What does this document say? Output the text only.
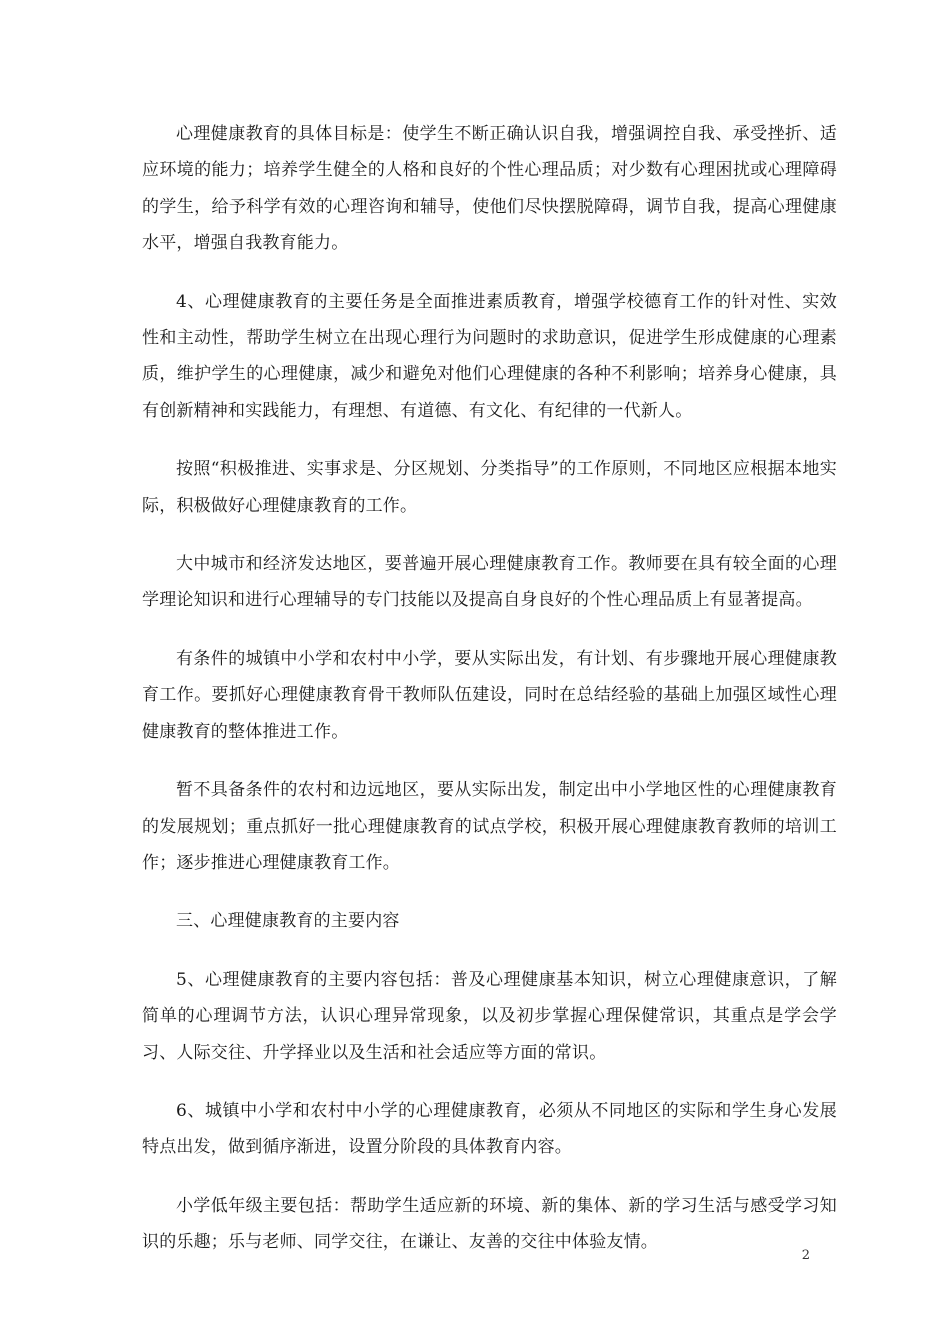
心理健康教育的具体目标是：使学生不断正确认识自我，增强调控自我、承受挫折、适应环境的能力；培养学生健全的人格和良好的个性心理品质；对少数有心理困扰或心理障碍的学生，给予科学有效的心理咨询和辅导，使他们尽快摆脱障碍，调节自我，提高心理健康水平，增强自我教育能力。

4、心理健康教育的主要任务是全面推进素质教育，增强学校德育工作的针对性、实效性和主动性，帮助学生树立在出现心理行为问题时的求助意识，促进学生形成健康的心理素质，维护学生的心理健康，减少和避免对他们心理健康的各种不利影响；培养身心健康，具有创新精神和实践能力，有理想、有道德、有文化、有纪律的一代新人。

按照“积极推进、实事求是、分区规划、分类指导”的工作原则，不同地区应根据本地实际，积极做好心理健康教育的工作。

大中城市和经济发达地区，要普遍开展心理健康教育工作。教师要在具有较全面的心理学理论知识和进行心理辅导的专门技能以及提高自身良好的个性心理品质上有显著提高。

有条件的城镇中小学和农村中小学，要从实际出发，有计划、有步骤地开展心理健康教育工作。要抓好心理健康教育骨干教师队伍建设，同时在总结经验的基础上加强区域性心理健康教育的整体推进工作。

暂不具备条件的农村和边远地区，要从实际出发，制定出中小学地区性的心理健康教育的发展规划；重点抓好一批心理健康教育的试点学校，积极开展心理健康教育教师的培训工作；逐步推进心理健康教育工作。

三、心理健康教育的主要内容

5、心理健康教育的主要内容包括：普及心理健康基本知识，树立心理健康意识，了解简单的心理调节方法，认识心理异常现象，以及初步掌握心理保健常识，其重点是学会学习、人际交往、升学择业以及生活和社会适应等方面的常识。

6、城镇中小学和农村中小学的心理健康教育，必须从不同地区的实际和学生身心发展特点出发，做到循序渐进，设置分阶段的具体教育内容。

小学低年级主要包括：帮助学生适应新的环境、新的集体、新的学习生活与感受学习知识的乐趣；乐与老师、同学交往，在谦让、友善的交往中体验友情。

2
